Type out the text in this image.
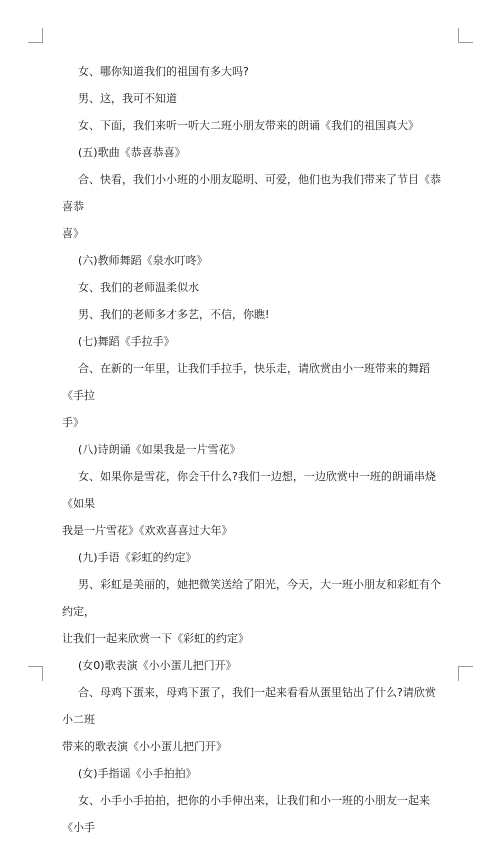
女、哪你知道我们的祖国有多大吗?

男、这，我可不知道

女、下面，我们来听一听大二班小朋友带来的朗诵《我们的祖国真大》

(五)歌曲《恭喜恭喜》

合、快看，我们小小班的小朋友聪明、可爱，他们也为我们带来了节目《恭喜恭

喜》

(六)教师舞蹈《泉水叮咚》

女、我们的老师温柔似水

男、我们的老师多才多艺，不信，你瞧!

(七)舞蹈《手拉手》

合、在新的一年里，让我们手拉手，快乐走，请欣赏由小一班带来的舞蹈《手拉

手》

(八)诗朗诵《如果我是一片雪花》

女、如果你是雪花，你会干什么?我们一边想，一边欣赏中一班的朗诵串烧《如果

我是一片雪花》《欢欢喜喜过大年》

(九)手语《彩虹的约定》

男、彩虹是美丽的，她把微笑送给了阳光，今天，大一班小朋友和彩虹有个约定，

让我们一起来欣赏一下《彩虹的约定》

(女0)歌表演《小小蛋儿把门开》

合、母鸡下蛋来，母鸡下蛋了，我们一起来看看从蛋里钻出了什么?请欣赏小二班

带来的歌表演《小小蛋儿把门开》

(女)手指谣《小手拍拍》

女、小手小手拍拍，把你的小手伸出来，让我们和小一班的小朋友一起来《小手
